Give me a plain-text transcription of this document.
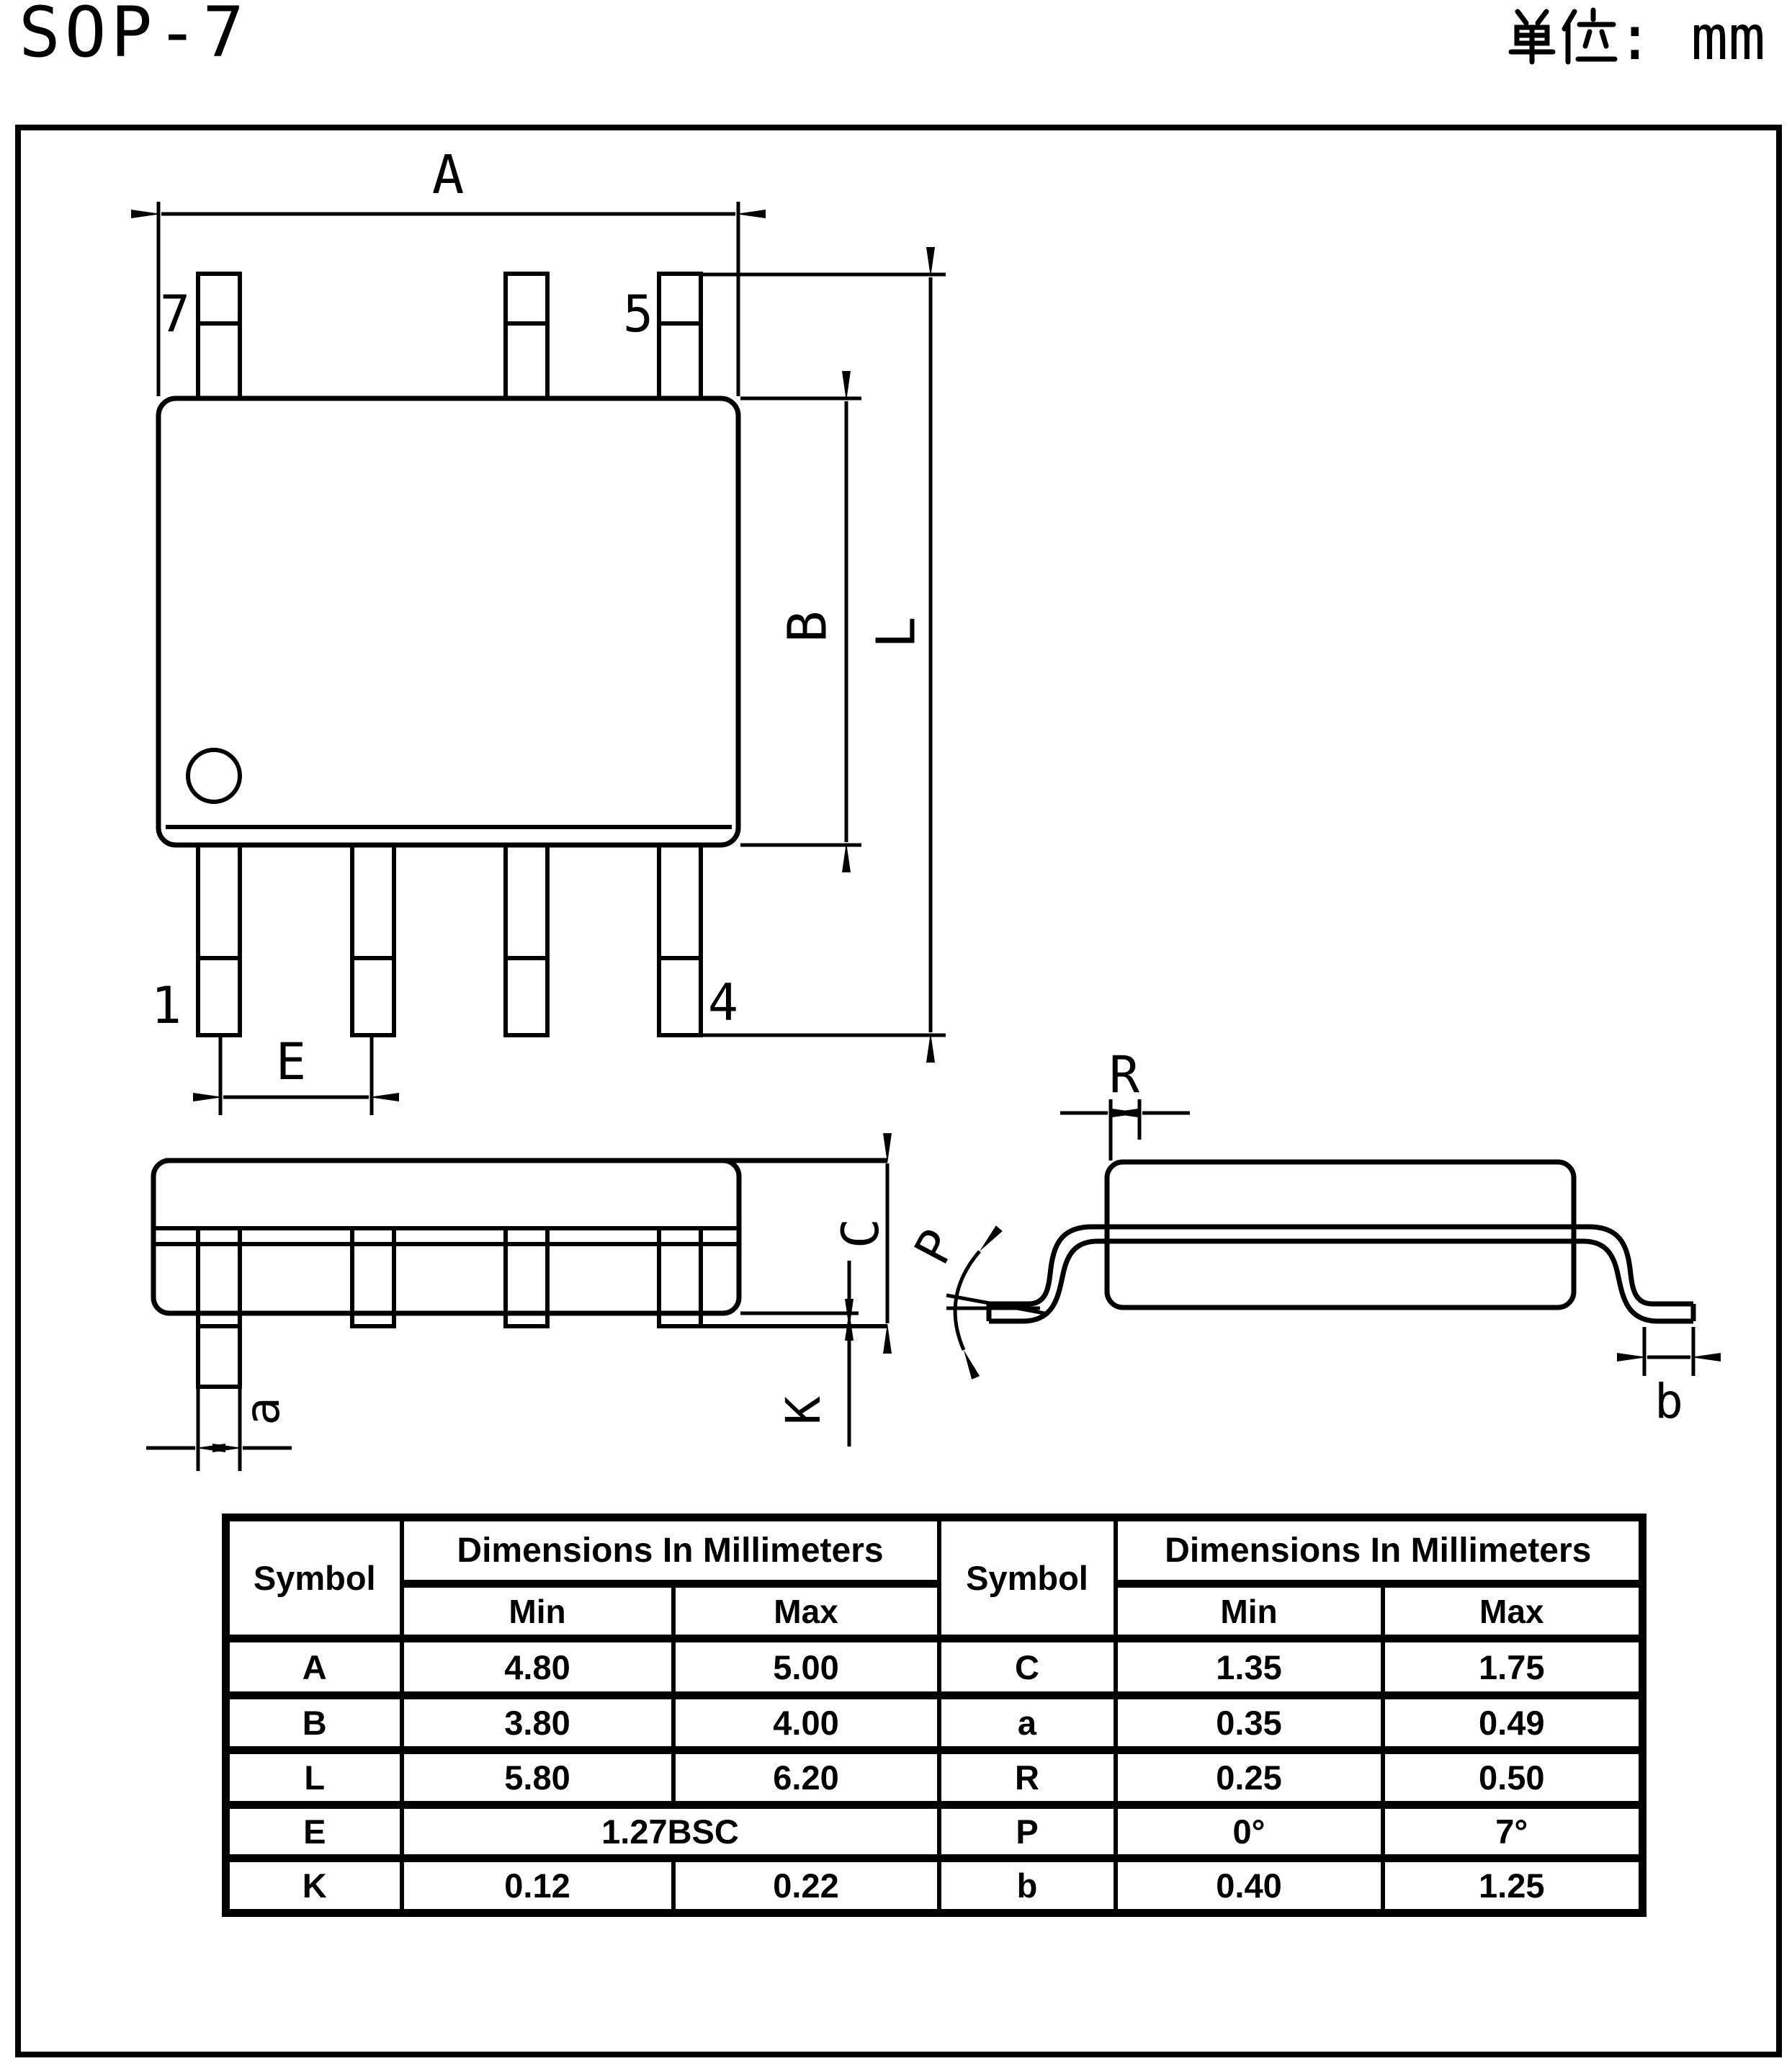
SOP-7	: mm
A
7	5
1	4
E
B L
a
C
K
R
P
b
Symbol	Dimensions In Millimeters		Symbol	Dimensions In Millimeters	
	Min	Max		Min	Max
A	4.80	5.00	C	1.35	1.75
B	3.80	4.00	a	0.35	0.49
L	5.80	6.20	R	0.25	0.50
E	1.27BSC		P	0°	7°
K	0.12	0.22	b	0.40	1.25
